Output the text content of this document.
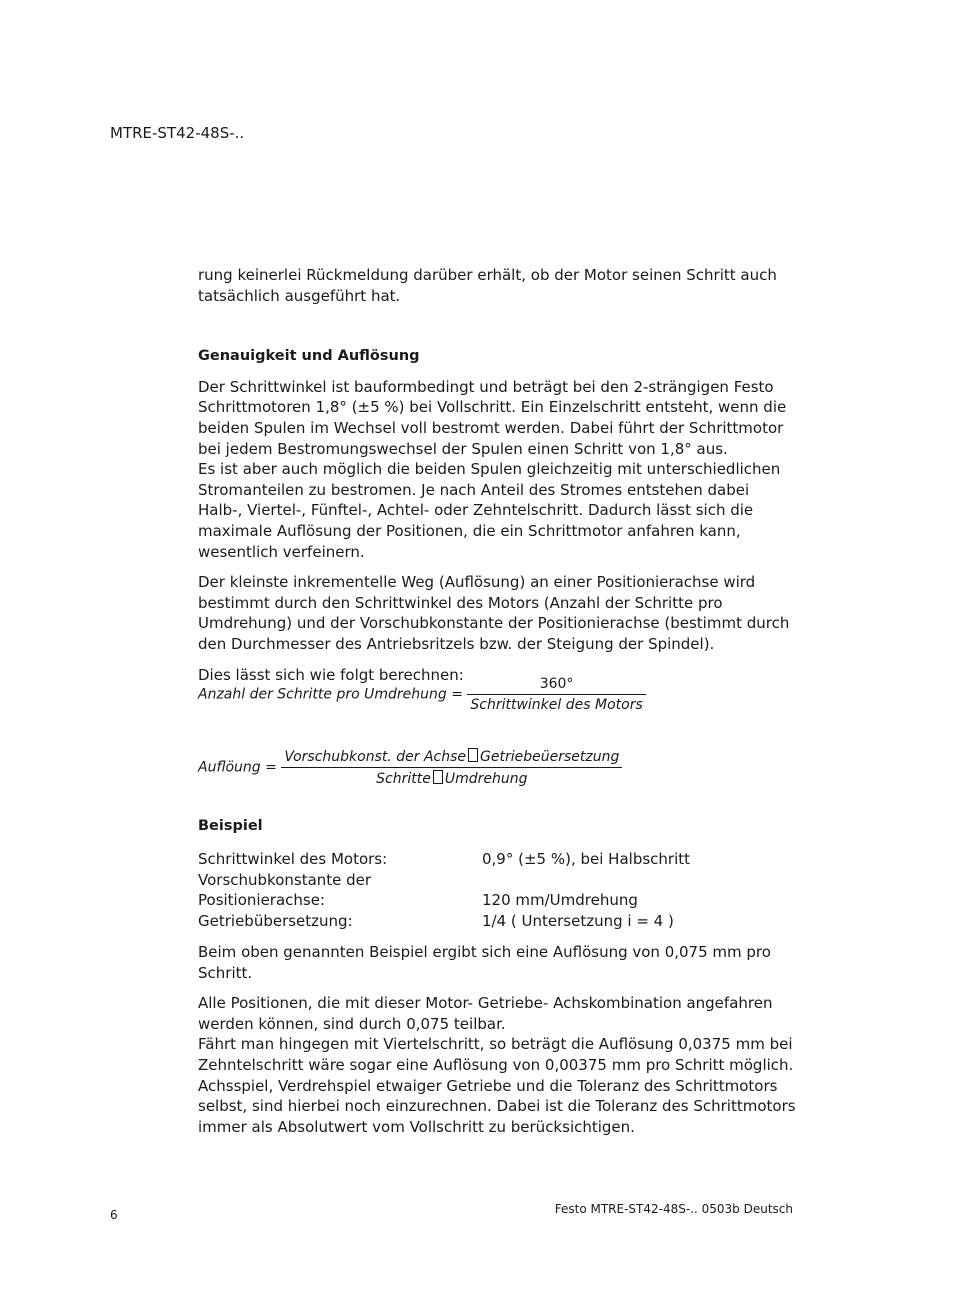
MTRE-ST42-48S-..

rung keinerlei Rückmeldung darüber erhält, ob der Motor seinen Schritt auch tatsächlich ausgeführt hat.

Genauigkeit und Auflösung

Der Schrittwinkel ist bauformbedingt und beträgt bei den 2-strängigen Festo Schrittmotoren 1,8° (±5 %) bei Vollschritt. Ein Einzelschritt entsteht, wenn die beiden Spulen im Wechsel voll bestromt werden. Dabei führt der Schrittmotor bei jedem Bestromungswechsel der Spulen einen Schritt von 1,8° aus.

Es ist aber auch möglich die beiden Spulen gleichzeitig mit unterschiedlichen Stromanteilen zu bestromen. Je nach Anteil des Stromes entstehen dabei Halb-, Viertel-, Fünftel-, Achtel- oder Zehntelschritt. Dadurch lässt sich die maximale Auflösung der Positionen, die ein Schrittmotor anfahren kann, wesentlich verfeinern.

Der kleinste inkrementelle Weg (Auflösung) an einer Positionierachse wird bestimmt durch den Schrittwinkel des Motors (Anzahl der Schritte pro Umdrehung) und der Vorschubkonstante der Positionierachse (bestimmt durch den Durchmesser des Antriebsritzels bzw. der Steigung der Spindel).

Dies lässt sich wie folgt berechnen:

Anzahl der Schritte pro Umdrehung = $\frac{360^\circ}{\text{Schrittwinkel des Motors}}$
Auflöung = $\frac{\text{Vorschubkonst. der Achse Getriebeüersetzung}}{\text{Schritte Umdrehung}}$
Beispiel
Schrittwinkel des Motors:	0,9° (±5 %), bei Halbschritt
Vorschubkonstante der
Positionierachse:	120 mm/Umdrehung
Getriebübersetzung:	1/4 ( Untersetzung i = 4 )

Beim oben genannten Beispiel ergibt sich eine Auflösung von 0,075 mm pro Schritt.

Alle Positionen, die mit dieser Motor- Getriebe- Achskombination angefahren werden können, sind durch 0,075 teilbar.

Fährt man hingegen mit Viertelschritt, so beträgt die Auflösung 0,0375 mm bei Zehntelschritt wäre sogar eine Auflösung von 0,00375 mm pro Schritt möglich.

Achsspiel, Verdrehspiel etwaiger Getriebe und die Toleranz des Schrittmotors selbst, sind hierbei noch einzurechnen. Dabei ist die Toleranz des Schrittmotors immer als Absolutwert vom Vollschritt zu berücksichtigen.

6	Festo MTRE-ST42-48S-.. 0503b Deutsch
